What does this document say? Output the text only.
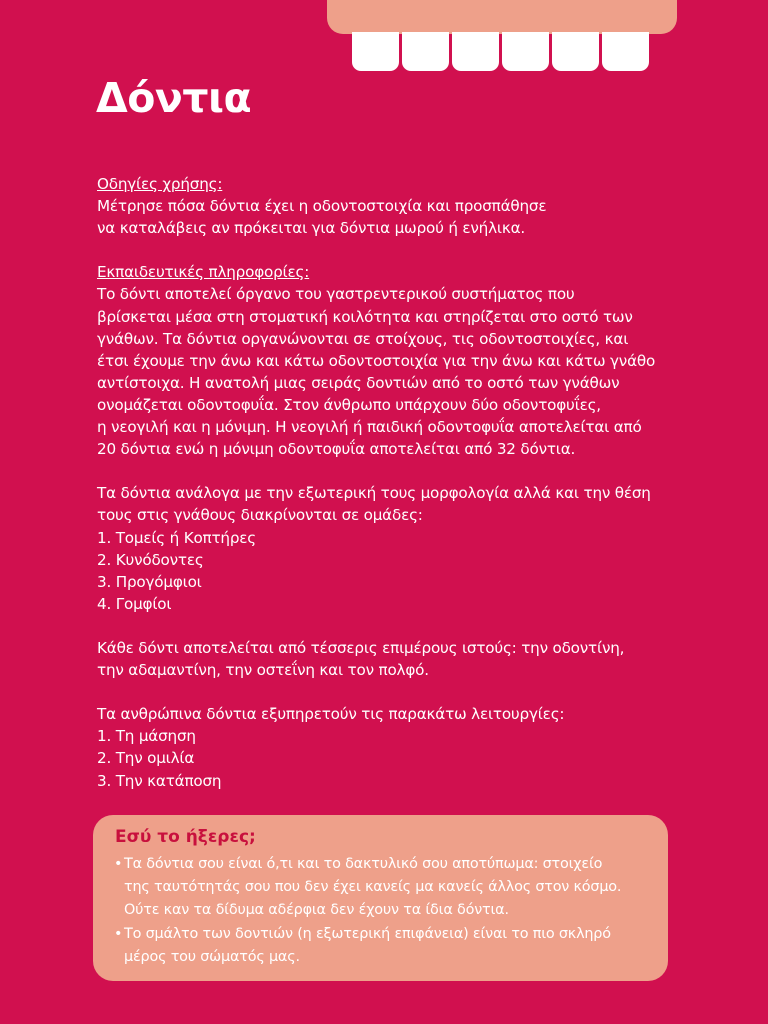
Δόντια
Οδηγίες χρήσης:
Μέτρησε πόσα δόντια έχει η οδοντοστοιχία και προσπάθησε
να καταλάβεις αν πρόκειται για δόντια μωρού ή ενήλικα.
Εκπαιδευτικές πληροφορίες:
Το δόντι αποτελεί όργανο του γαστρεντερικού συστήματος που
βρίσκεται μέσα στη στοματική κοιλότητα και στηρίζεται στο οστό των
γνάθων. Τα δόντια οργανώνονται σε στοίχους, τις οδοντοστοιχίες, και
έτσι έχουμε την άνω και κάτω οδοντοστοιχία για την άνω και κάτω γνάθο
αντίστοιχα. Η ανατολή μιας σειράς δοντιών από το οστό των γνάθων
ονομάζεται οδοντοφυΐα. Στον άνθρωπο υπάρχουν δύο οδοντοφυΐες,
η νεογιλή και η μόνιμη. Η νεογιλή ή παιδική οδοντοφυΐα αποτελείται από
20 δόντια ενώ η μόνιμη οδοντοφυΐα αποτελείται από 32 δόντια.
Τα δόντια ανάλογα με την εξωτερική τους μορφολογία αλλά και την θέση
τους στις γνάθους διακρίνονται σε ομάδες:
1. Τομείς ή Κοπτήρες
2. Κυνόδοντες
3. Προγόμφιοι
4. Γομφίοι
Κάθε δόντι αποτελείται από τέσσερις επιμέρους ιστούς: την οδοντίνη,
την αδαμαντίνη, την οστεΐνη και τον πολφό.
Τα ανθρώπινα δόντια εξυπηρετούν τις παρακάτω λειτουργίες:
1. Τη μάσηση
2. Την ομιλία
3. Την κατάποση
Εσύ το ήξερες;
• Τα δόντια σου είναι ό,τι και το δακτυλικό σου αποτύπωμα: στοιχείο
της ταυτότητάς σου που δεν έχει κανείς μα κανείς άλλος στον κόσμο.
Ούτε καν τα δίδυμα αδέρφια δεν έχουν τα ίδια δόντια.
• Το σμάλτο των δοντιών (η εξωτερική επιφάνεια) είναι το πιο σκληρό
μέρος του σώματός μας.
